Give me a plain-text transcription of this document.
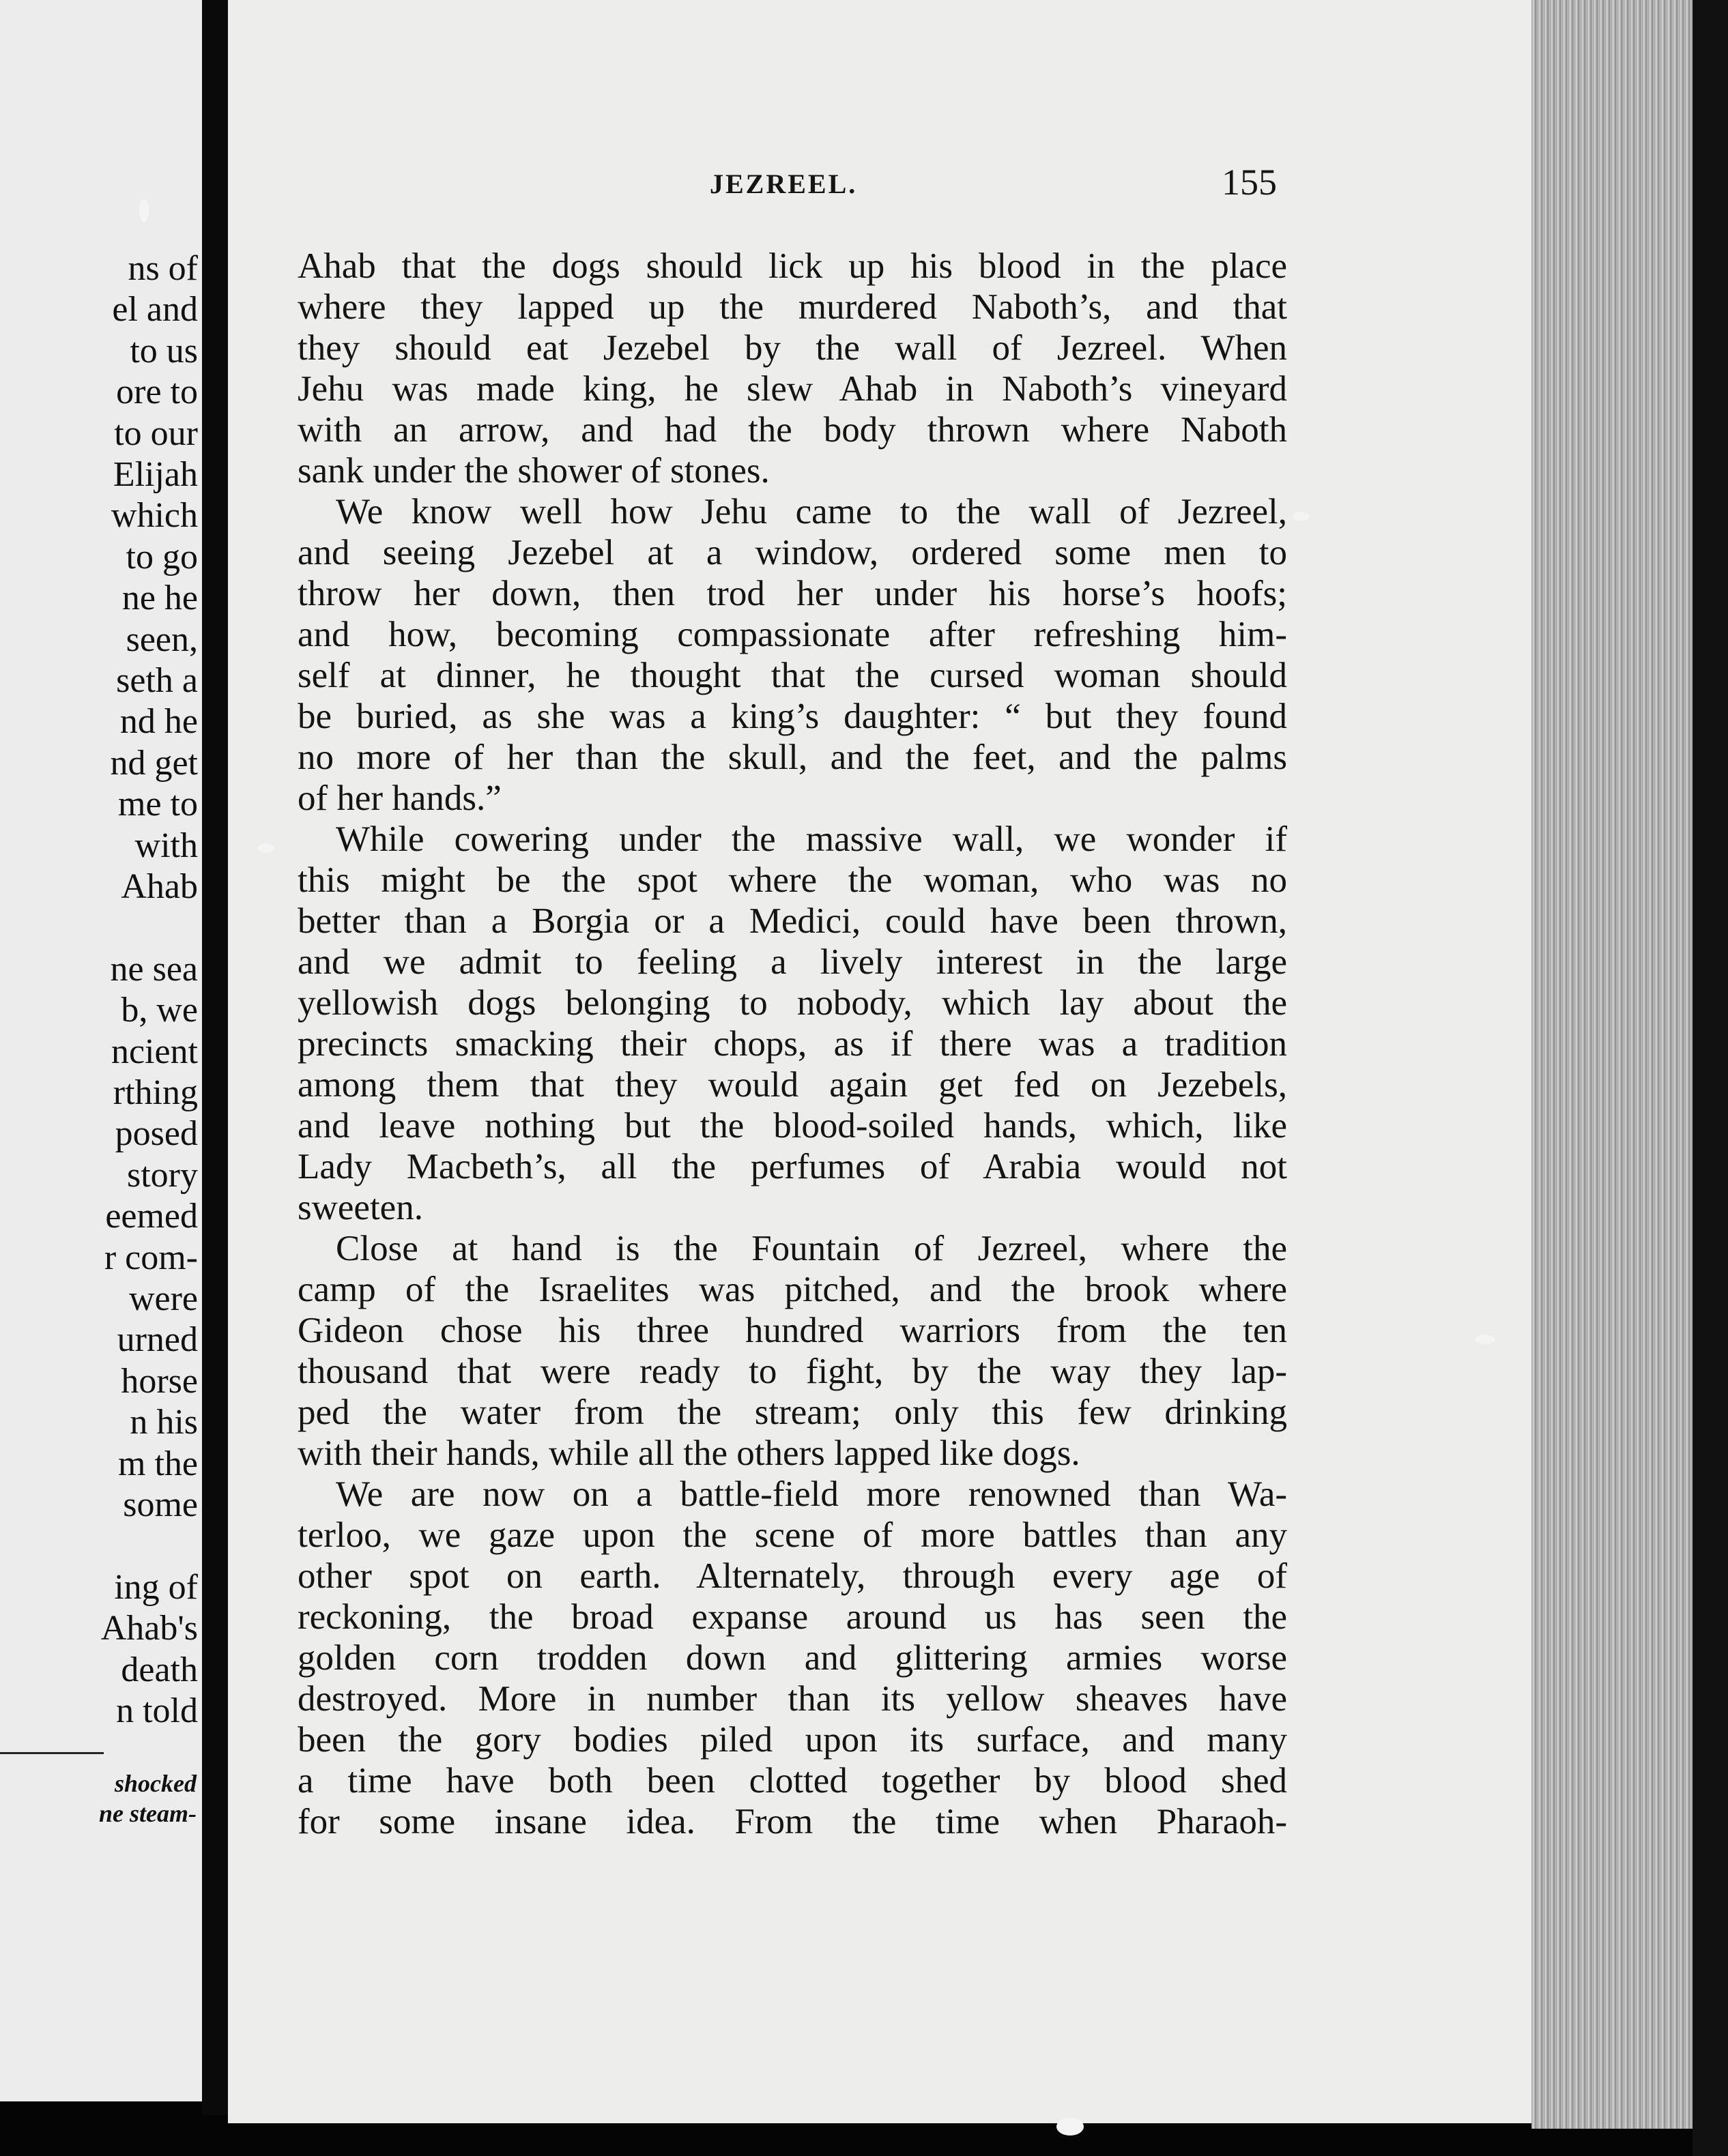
ns of
el and
to us
ore to
to our
Elijah
which
to go
ne he
seen,
seth a
nd he
nd get
me to
with
Ahab
ne sea
b, we
ncient
rthing
posed
story
eemed
r com-
were
urned
horse
n his
m the
some
ing of
Ahab's
death
n told
shocked
ne steam-
JEZREEL.	155
Ahab that the dogs should lick up his blood in the place
where they lapped up the murdered Naboth’s, and that
they should eat Jezebel by the wall of Jezreel. When
Jehu was made king, he slew Ahab in Naboth’s vineyard
with an arrow, and had the body thrown where Naboth
sank under the shower of stones.
We know well how Jehu came to the wall of Jezreel,
and seeing Jezebel at a window, ordered some men to
throw her down, then trod her under his horse’s hoofs;
and how, becoming compassionate after refreshing him-
self at dinner, he thought that the cursed woman should
be buried, as she was a king’s daughter: “ but they found
no more of her than the skull, and the feet, and the palms
of her hands.”
While cowering under the massive wall, we wonder if
this might be the spot where the woman, who was no
better than a Borgia or a Medici, could have been thrown,
and we admit to feeling a lively interest in the large
yellowish dogs belonging to nobody, which lay about the
precincts smacking their chops, as if there was a tradition
among them that they would again get fed on Jezebels,
and leave nothing but the blood-soiled hands, which, like
Lady Macbeth’s, all the perfumes of Arabia would not
sweeten.
Close at hand is the Fountain of Jezreel, where the
camp of the Israelites was pitched, and the brook where
Gideon chose his three hundred warriors from the ten
thousand that were ready to fight, by the way they lap-
ped the water from the stream; only this few drinking
with their hands, while all the others lapped like dogs.
We are now on a battle-field more renowned than Wa-
terloo, we gaze upon the scene of more battles than any
other spot on earth. Alternately, through every age of
reckoning, the broad expanse around us has seen the
golden corn trodden down and glittering armies worse
destroyed. More in number than its yellow sheaves have
been the gory bodies piled upon its surface, and many
a time have both been clotted together by blood shed
for some insane idea. From the time when Pharaoh-
